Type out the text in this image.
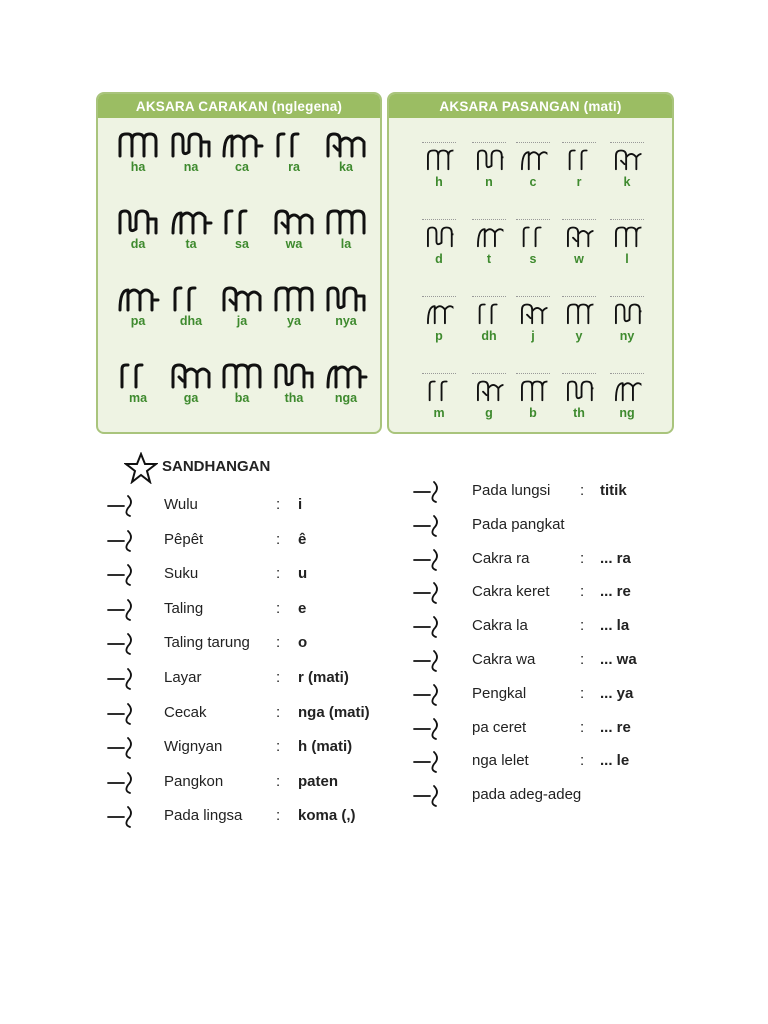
AKSARA CARAKAN (nglegena)
ha	na	ca	ra	ka
da	ta	sa	wa	la
pa	dha	ja	ya	nya
ma	ga	ba	tha	nga
AKSARA PASANGAN (mati)
h	n	c	r	k
d	t	s	w	l
p	dh	j	y	ny
m	g	b	th	ng
SANDHANGAN
Wulu	: i
Pêpêt	: ê
Suku	: u
Taling	: e
Taling tarung : o
Layar	: r (mati)
Cecak	: nga (mati)
Wignyan	: h (mati)
Pangkon	: paten
Pada lingsa : koma (,)
Pada lungsi : titik
Pada pangkat
Cakra ra	: ... ra
Cakra keret : ... re
Cakra la	: ... la
Cakra wa	: ... wa
Pengkal	: ... ya
pa ceret	: ... re
nga lelet	: ... le
pada adeg-adeg
